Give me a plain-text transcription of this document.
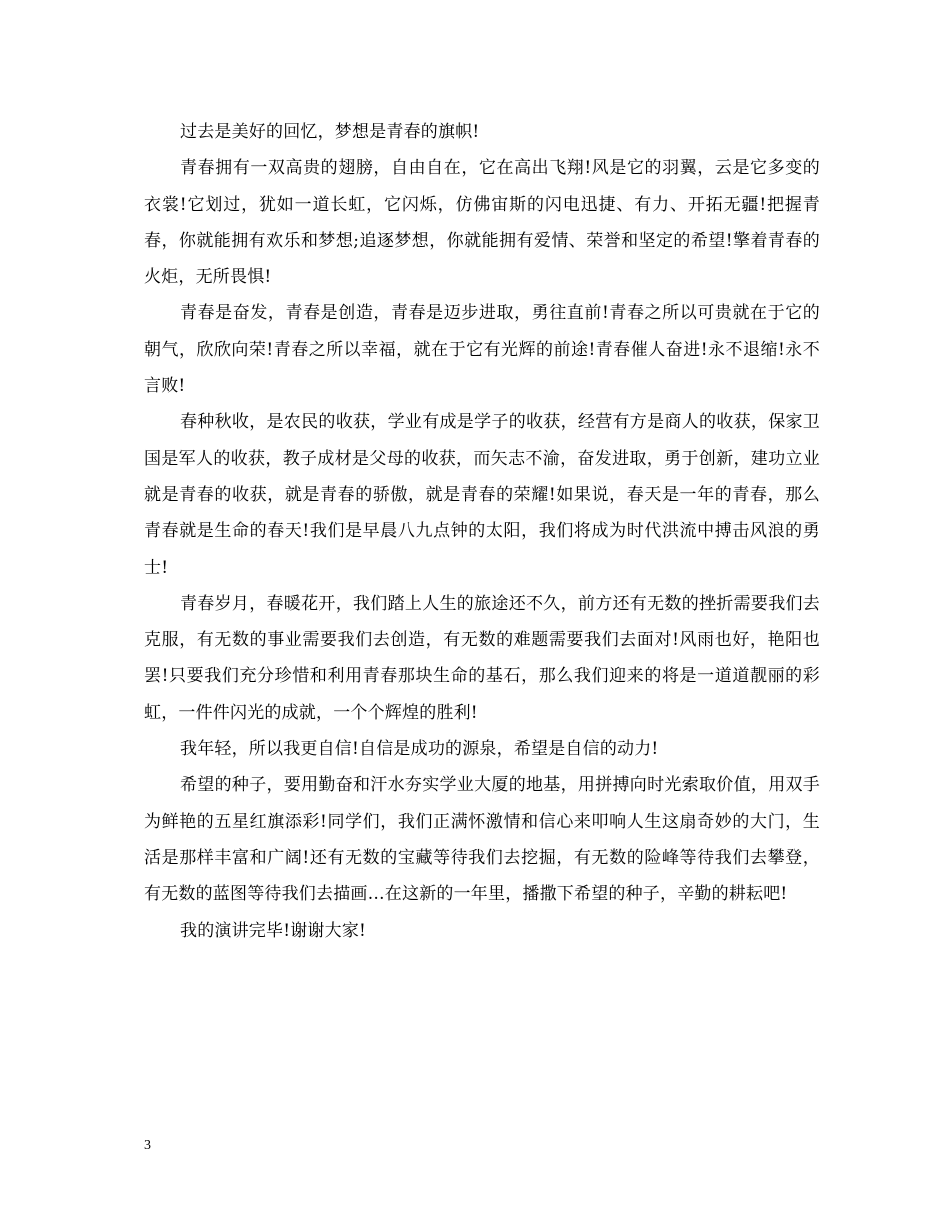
过去是美好的回忆，梦想是青春的旗帜!

青春拥有一双高贵的翅膀，自由自在，它在高出飞翔!风是它的羽翼，云是它多变的衣裳!它划过，犹如一道长虹，它闪烁，仿佛宙斯的闪电迅捷、有力、开拓无疆!把握青春，你就能拥有欢乐和梦想;追逐梦想，你就能拥有爱情、荣誉和坚定的希望!擎着青春的火炬，无所畏惧!

青春是奋发，青春是创造，青春是迈步进取，勇往直前!青春之所以可贵就在于它的朝气，欣欣向荣!青春之所以幸福，就在于它有光辉的前途!青春催人奋进!永不退缩!永不言败!

春种秋收，是农民的收获，学业有成是学子的收获，经营有方是商人的收获，保家卫国是军人的收获，教子成材是父母的收获，而矢志不渝，奋发进取，勇于创新，建功立业就是青春的收获，就是青春的骄傲，就是青春的荣耀!如果说，春天是一年的青春，那么青春就是生命的春天!我们是早晨八九点钟的太阳，我们将成为时代洪流中搏击风浪的勇士!

青春岁月，春暖花开，我们踏上人生的旅途还不久，前方还有无数的挫折需要我们去克服，有无数的事业需要我们去创造，有无数的难题需要我们去面对!风雨也好，艳阳也罢!只要我们充分珍惜和利用青春那块生命的基石，那么我们迎来的将是一道道靓丽的彩虹，一件件闪光的成就，一个个辉煌的胜利!

我年轻，所以我更自信!自信是成功的源泉，希望是自信的动力!

希望的种子，要用勤奋和汗水夯实学业大厦的地基，用拼搏向时光索取价值，用双手为鲜艳的五星红旗添彩!同学们，我们正满怀激情和信心来叩响人生这扇奇妙的大门，生活是那样丰富和广阔!还有无数的宝藏等待我们去挖掘，有无数的险峰等待我们去攀登，有无数的蓝图等待我们去描画…在这新的一年里，播撒下希望的种子，辛勤的耕耘吧!

我的演讲完毕!谢谢大家!

3
